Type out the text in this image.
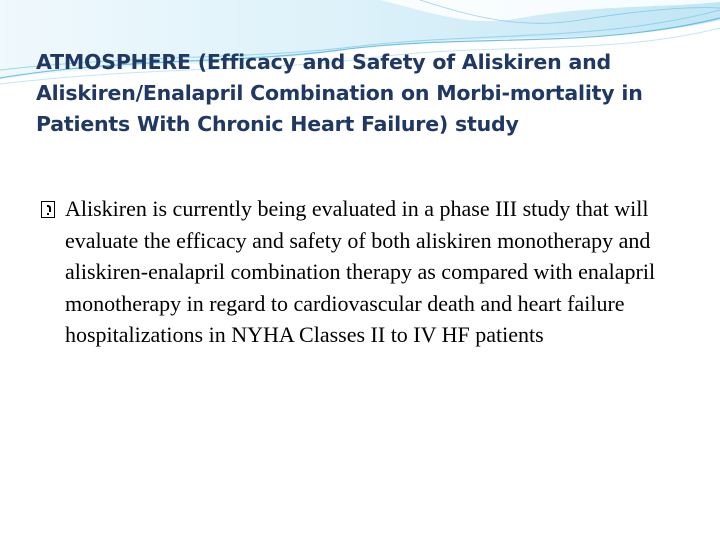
ATMOSPHERE (Efficacy and Safety of Aliskiren and Aliskiren/Enalapril Combination on Morbi-mortality in Patients With Chronic Heart Failure) study
Aliskiren is currently being evaluated in a phase III study that will evaluate the efficacy and safety of both aliskiren monotherapy and aliskiren-enalapril combination therapy as compared with enalapril monotherapy in regard to cardiovascular death and heart failure hospitalizations in NYHA Classes II to IV HF patients
